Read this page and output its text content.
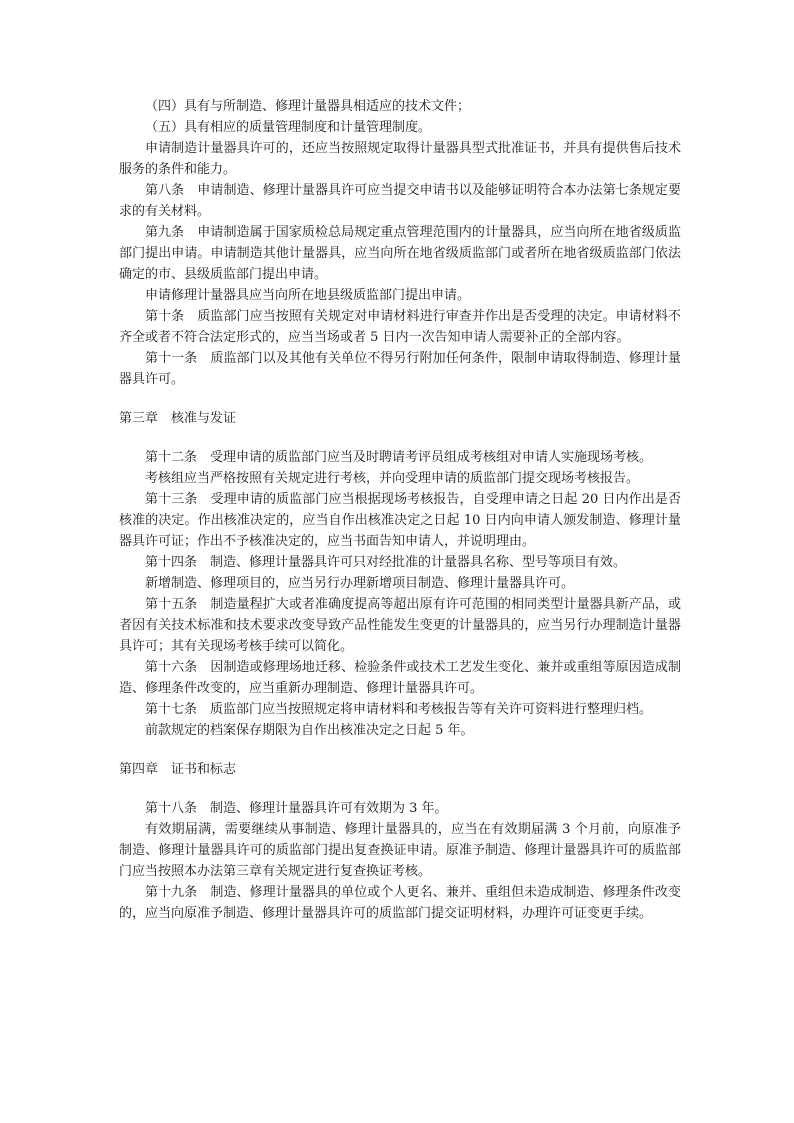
（四）具有与所制造、修理计量器具相适应的技术文件；

（五）具有相应的质量管理制度和计量管理制度。

申请制造计量器具许可的，还应当按照规定取得计量器具型式批准证书，并具有提供售后技术服务的条件和能力。

第八条　申请制造、修理计量器具许可应当提交申请书以及能够证明符合本办法第七条规定要求的有关材料。

第九条　申请制造属于国家质检总局规定重点管理范围内的计量器具，应当向所在地省级质监部门提出申请。申请制造其他计量器具，应当向所在地省级质监部门或者所在地省级质监部门依法确定的市、县级质监部门提出申请。

申请修理计量器具应当向所在地县级质监部门提出申请。

第十条　质监部门应当按照有关规定对申请材料进行审查并作出是否受理的决定。申请材料不齐全或者不符合法定形式的，应当当场或者 5 日内一次告知申请人需要补正的全部内容。

第十一条　质监部门以及其他有关单位不得另行附加任何条件，限制申请取得制造、修理计量器具许可。

第三章　核准与发证

第十二条　受理申请的质监部门应当及时聘请考评员组成考核组对申请人实施现场考核。

考核组应当严格按照有关规定进行考核，并向受理申请的质监部门提交现场考核报告。

第十三条　受理申请的质监部门应当根据现场考核报告，自受理申请之日起 20 日内作出是否核准的决定。作出核准决定的，应当自作出核准决定之日起 10 日内向申请人颁发制造、修理计量器具许可证；作出不予核准决定的，应当书面告知申请人，并说明理由。

第十四条　制造、修理计量器具许可只对经批准的计量器具名称、型号等项目有效。

新增制造、修理项目的，应当另行办理新增项目制造、修理计量器具许可。

第十五条　制造量程扩大或者准确度提高等超出原有许可范围的相同类型计量器具新产品，或者因有关技术标准和技术要求改变导致产品性能发生变更的计量器具的，应当另行办理制造计量器具许可；其有关现场考核手续可以简化。

第十六条　因制造或修理场地迁移、检验条件或技术工艺发生变化、兼并或重组等原因造成制造、修理条件改变的，应当重新办理制造、修理计量器具许可。

第十七条　质监部门应当按照规定将申请材料和考核报告等有关许可资料进行整理归档。

前款规定的档案保存期限为自作出核准决定之日起 5 年。

第四章　证书和标志

第十八条　制造、修理计量器具许可有效期为 3 年。

有效期届满，需要继续从事制造、修理计量器具的，应当在有效期届满 3 个月前，向原准予制造、修理计量器具许可的质监部门提出复查换证申请。原准予制造、修理计量器具许可的质监部门应当按照本办法第三章有关规定进行复查换证考核。

第十九条　制造、修理计量器具的单位或个人更名、兼并、重组但未造成制造、修理条件改变的，应当向原准予制造、修理计量器具许可的质监部门提交证明材料，办理许可证变更手续。
